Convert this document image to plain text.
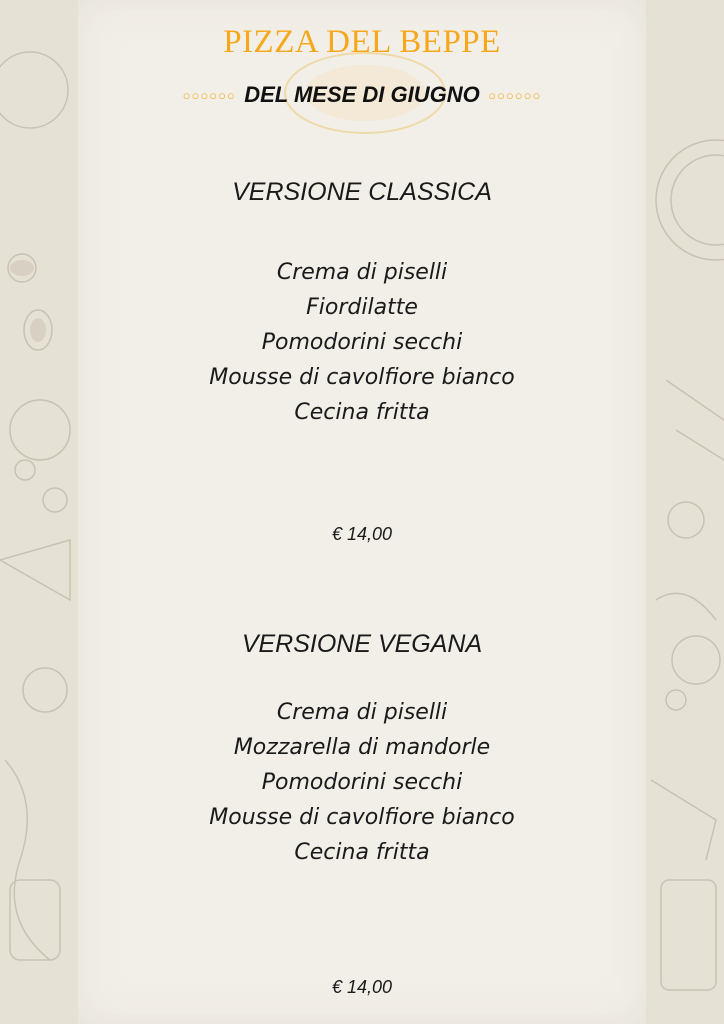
PIZZA DEL BEPPE
○○○○○○ DEL MESE DI GIUGNO ○○○○○○
VERSIONE CLASSICA
Crema di piselli
Fiordilatte
Pomodorini secchi
Mousse di cavolfiore bianco
Cecina fritta
€ 14,00
VERSIONE VEGANA
Crema di piselli
Mozzarella di mandorle
Pomodorini secchi
Mousse di cavolfiore bianco
Cecina fritta
€ 14,00
